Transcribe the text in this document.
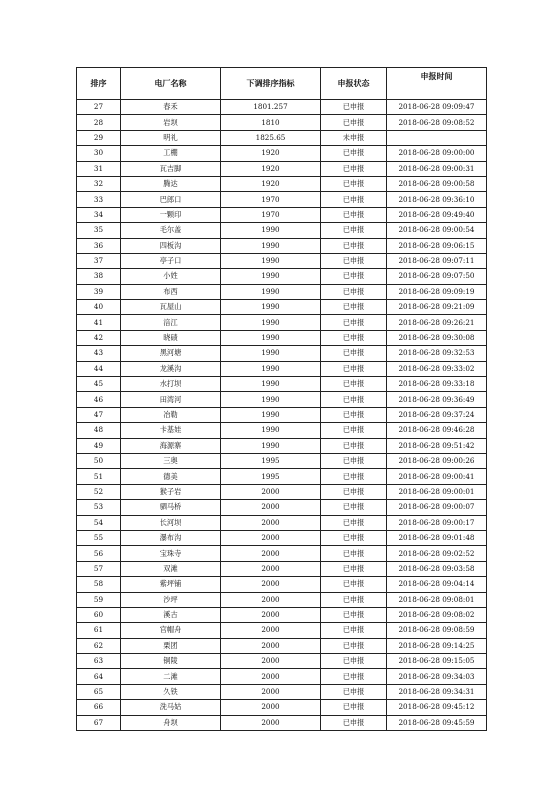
排序	电厂名称	下调排序指标	申报状态	申报时间
27	春禾	1801.257	已申报	2018-06-28 09:09:47
28	岩坝	1810	已申报	2018-06-28 09:08:52
29	明礼	1825.65	未申报	
30	工棚	1920	已申报	2018-06-28 09:00:00
31	瓦吉脚	1920	已申报	2018-06-28 09:00:31
32	腾达	1920	已申报	2018-06-28 09:00:58
33	巴郎口	1970	已申报	2018-06-28 09:36:10
34	一颗印	1970	已申报	2018-06-28 09:49:40
35	毛尔盖	1990	已申报	2018-06-28 09:00:54
36	四板沟	1990	已申报	2018-06-28 09:06:15
37	亭子口	1990	已申报	2018-06-28 09:07:11
38	小姓	1990	已申报	2018-06-28 09:07:50
39	布西	1990	已申报	2018-06-28 09:09:19
40	瓦屋山	1990	已申报	2018-06-28 09:21:09
41	涪江	1990	已申报	2018-06-28 09:26:21
42	晓碛	1990	已申报	2018-06-28 09:30:08
43	黑河塘	1990	已申报	2018-06-28 09:32:53
44	龙溪沟	1990	已申报	2018-06-28 09:33:02
45	水打坝	1990	已申报	2018-06-28 09:33:18
46	田湾河	1990	已申报	2018-06-28 09:36:49
47	冶勒	1990	已申报	2018-06-28 09:37:24
48	卡基娃	1990	已申报	2018-06-28 09:46:28
49	海源寨	1990	已申报	2018-06-28 09:51:42
50	三奥	1995	已申报	2018-06-28 09:00:26
51	德美	1995	已申报	2018-06-28 09:00:41
52	猴子岩	2000	已申报	2018-06-28 09:00:01
53	驷马桥	2000	已申报	2018-06-28 09:00:07
54	长河坝	2000	已申报	2018-06-28 09:00:17
55	瀑布沟	2000	已申报	2018-06-28 09:01:48
56	宝珠寺	2000	已申报	2018-06-28 09:02:52
57	双滩	2000	已申报	2018-06-28 09:03:58
58	紫坪铺	2000	已申报	2018-06-28 09:04:14
59	沙坪	2000	已申报	2018-06-28 09:08:01
60	溪古	2000	已申报	2018-06-28 09:08:02
61	官帽舟	2000	已申报	2018-06-28 09:08:59
62	栗团	2000	已申报	2018-06-28 09:14:25
63	铜陵	2000	已申报	2018-06-28 09:15:05
64	二滩	2000	已申报	2018-06-28 09:34:03
65	久铁	2000	已申报	2018-06-28 09:34:31
66	洗马姑	2000	已申报	2018-06-28 09:45:12
67	舟坝	2000	已申报	2018-06-28 09:45:59
